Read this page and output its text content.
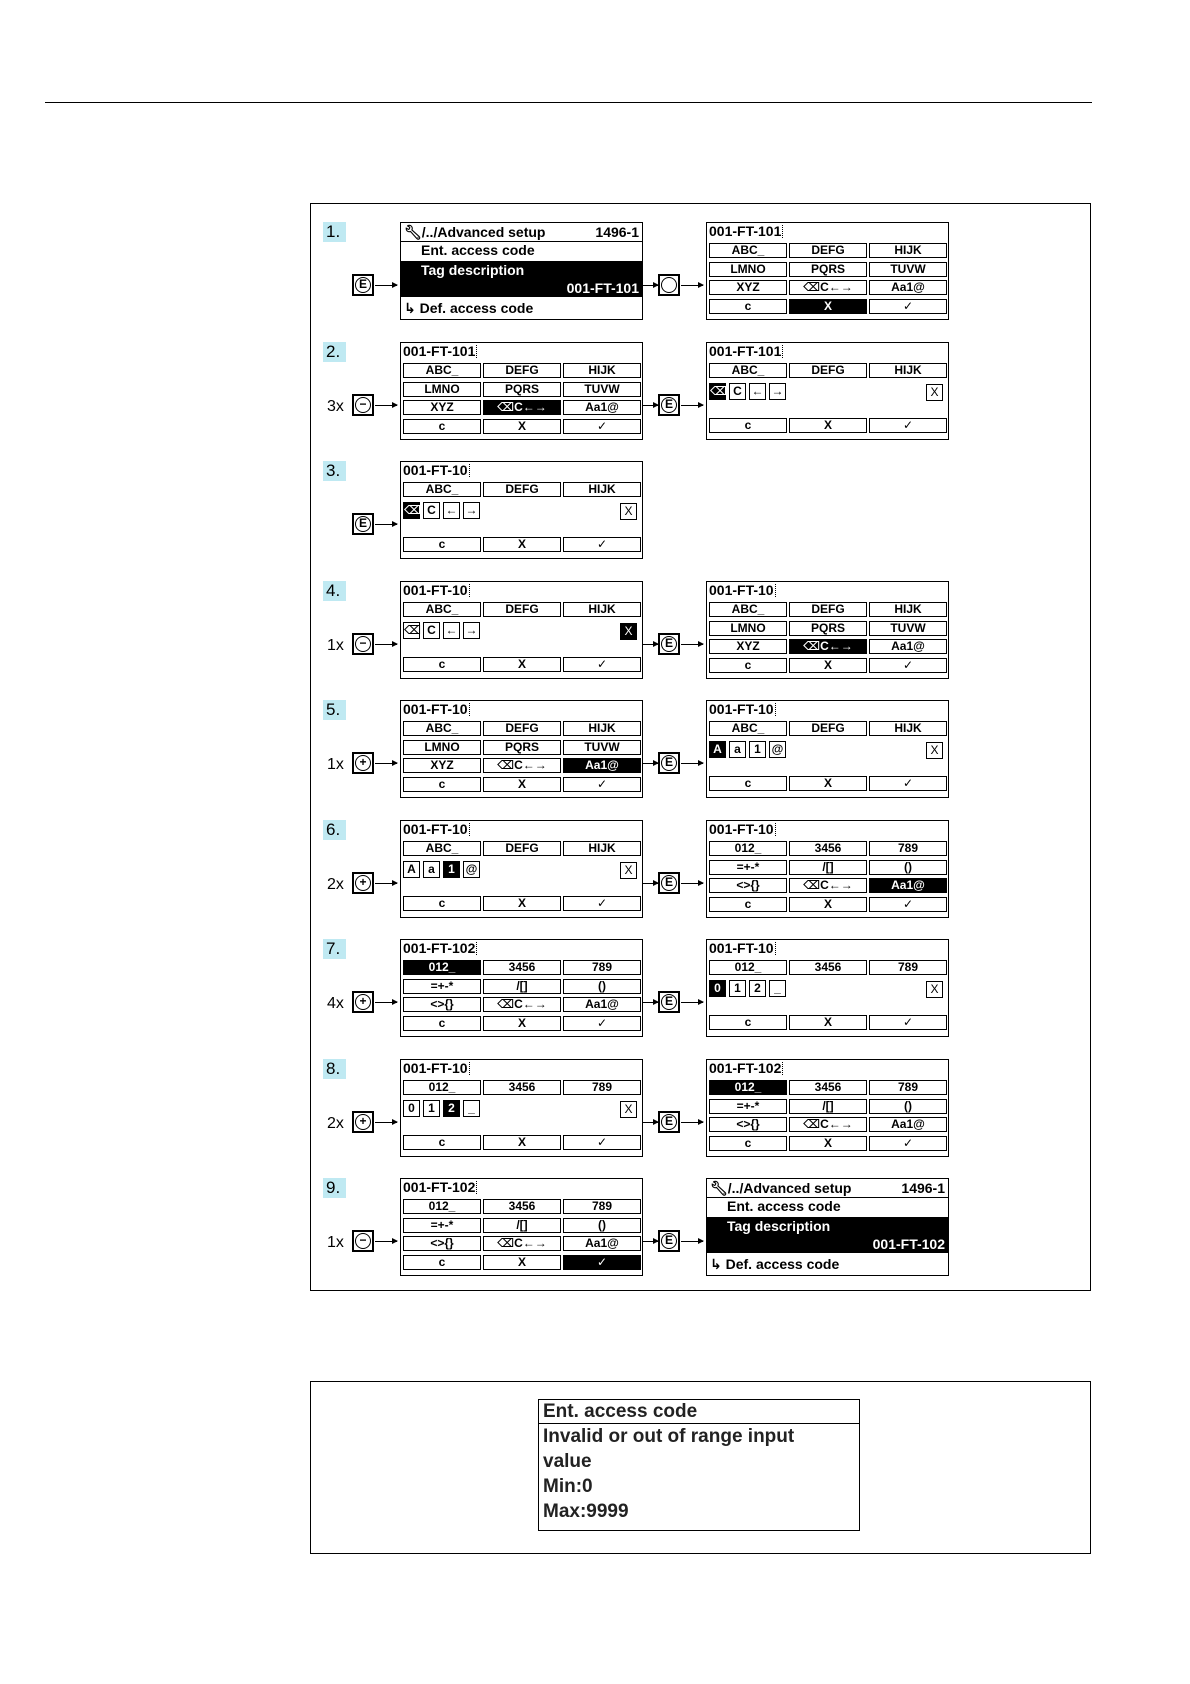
Ent. access code
Invalid or out of range input
value
Min:0
Max:9999
1.
E
🔧︎/../Advanced setup	1496-1
Ent. access code
Tag description
001-FT-101
↳ Def. access code
001-FT-101
ABC_	DEFG	HIJK
LMNO	PQRS	TUVW
XYZ	⌫C←→	Aa1@
c	X	✓
2.
3x	−
001-FT-101
ABC_	DEFG	HIJK
LMNO	PQRS	TUVW
XYZ	⌫C←→	Aa1@
c	X	✓
E
001-FT-101
ABC_	DEFG	HIJK
⌫ C ← →	X
c	X	✓
3.
E
001-FT-10
ABC_	DEFG	HIJK
⌫ C ← →	X
c	X	✓
4.
1x	−
001-FT-10
ABC_	DEFG	HIJK
⌫ C ← →	X
c	X	✓
E
001-FT-10
ABC_	DEFG	HIJK
LMNO	PQRS	TUVW
XYZ	⌫C←→	Aa1@
c	X	✓
5.
1x	+
001-FT-10
ABC_	DEFG	HIJK
LMNO	PQRS	TUVW
XYZ	⌫C←→	Aa1@
c	X	✓
E
001-FT-10
ABC_	DEFG	HIJK
A a 1 @	X
c	X	✓
6.
2x	+
001-FT-10
ABC_	DEFG	HIJK
A a 1 @	X
c	X	✓
E
001-FT-10
012_	3456	789
=+-*	/[]	()
<>{}	⌫C←→	Aa1@
c	X	✓
7.
4x	+
001-FT-102
012_	3456	789
=+-*	/[]	()
<>{}	⌫C←→	Aa1@
c	X	✓
E
001-FT-10
012_	3456	789
0 1 2 _	X
c	X	✓
8.
2x	+
001-FT-10
012_	3456	789
0 1 2 _	X
c	X	✓
E
001-FT-102
012_	3456	789
=+-*	/[]	()
<>{}	⌫C←→	Aa1@
c	X	✓
9.
1x	−
001-FT-102
012_	3456	789
=+-*	/[]	()
<>{}	⌫C←→	Aa1@
c	X	✓
E
🔧︎/../Advanced setup	1496-1
Ent. access code
Tag description
001-FT-102
↳ Def. access code
